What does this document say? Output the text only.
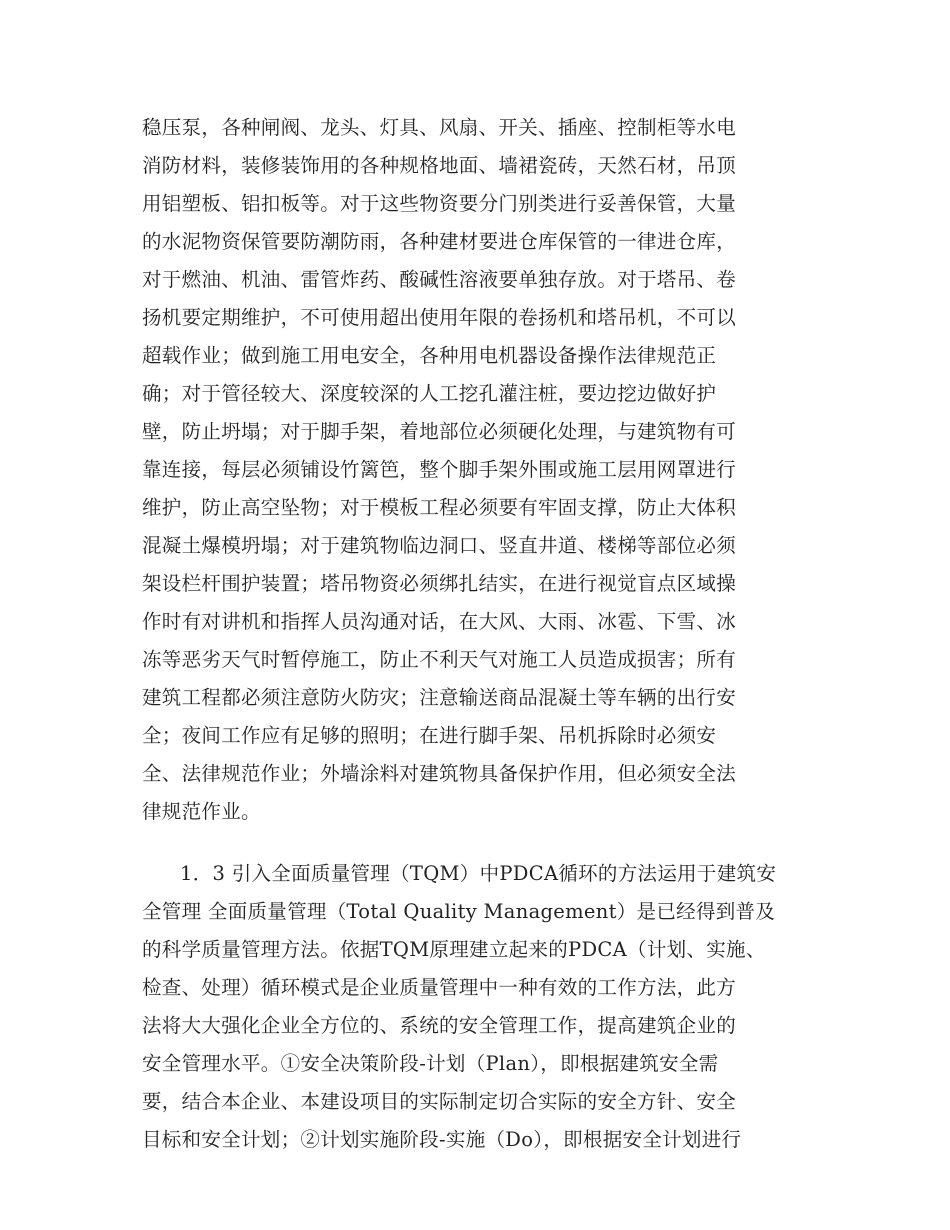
稳压泵，各种闸阀、龙头、灯具、风扇、开关、插座、控制柜等水电

消防材料，装修装饰用的各种规格地面、墙裙瓷砖，天然石材，吊顶

用铝塑板、铝扣板等。对于这些物资要分门别类进行妥善保管，大量

的水泥物资保管要防潮防雨，各种建材要进仓库保管的一律进仓库，

对于燃油、机油、雷管炸药、酸碱性溶液要单独存放。对于塔吊、卷

扬机要定期维护，不可使用超出使用年限的卷扬机和塔吊机，不可以

超载作业；做到施工用电安全，各种用电机器设备操作法律规范正

确；对于管径较大、深度较深的人工挖孔灌注桩，要边挖边做好护

壁，防止坍塌；对于脚手架，着地部位必须硬化处理，与建筑物有可

靠连接，每层必须铺设竹篱笆，整个脚手架外围或施工层用网罩进行

维护，防止高空坠物；对于模板工程必须要有牢固支撑，防止大体积

混凝土爆模坍塌；对于建筑物临边洞口、竖直井道、楼梯等部位必须

架设栏杆围护装置；塔吊物资必须绑扎结实，在进行视觉盲点区域操

作时有对讲机和指挥人员沟通对话，在大风、大雨、冰雹、下雪、冰

冻等恶劣天气时暂停施工，防止不利天气对施工人员造成损害；所有

建筑工程都必须注意防火防灾；注意输送商品混凝土等车辆的出行安

全；夜间工作应有足够的照明；在进行脚手架、吊机拆除时必须安

全、法律规范作业；外墙涂料对建筑物具备保护作用，但必须安全法

律规范作业。

1．3 引入全面质量管理（TQM）中PDCA循环的方法运用于建筑安

全管理 全面质量管理（Total Quality Management）是已经得到普及

的科学质量管理方法。依据TQM原理建立起来的PDCA（计划、实施、

检查、处理）循环模式是企业质量管理中一种有效的工作方法，此方

法将大大强化企业全方位的、系统的安全管理工作，提高建筑企业的

安全管理水平。①安全决策阶段-计划（Plan），即根据建筑安全需

要，结合本企业、本建设项目的实际制定切合实际的安全方针、安全

目标和安全计划；②计划实施阶段-实施（Do），即根据安全计划进行
